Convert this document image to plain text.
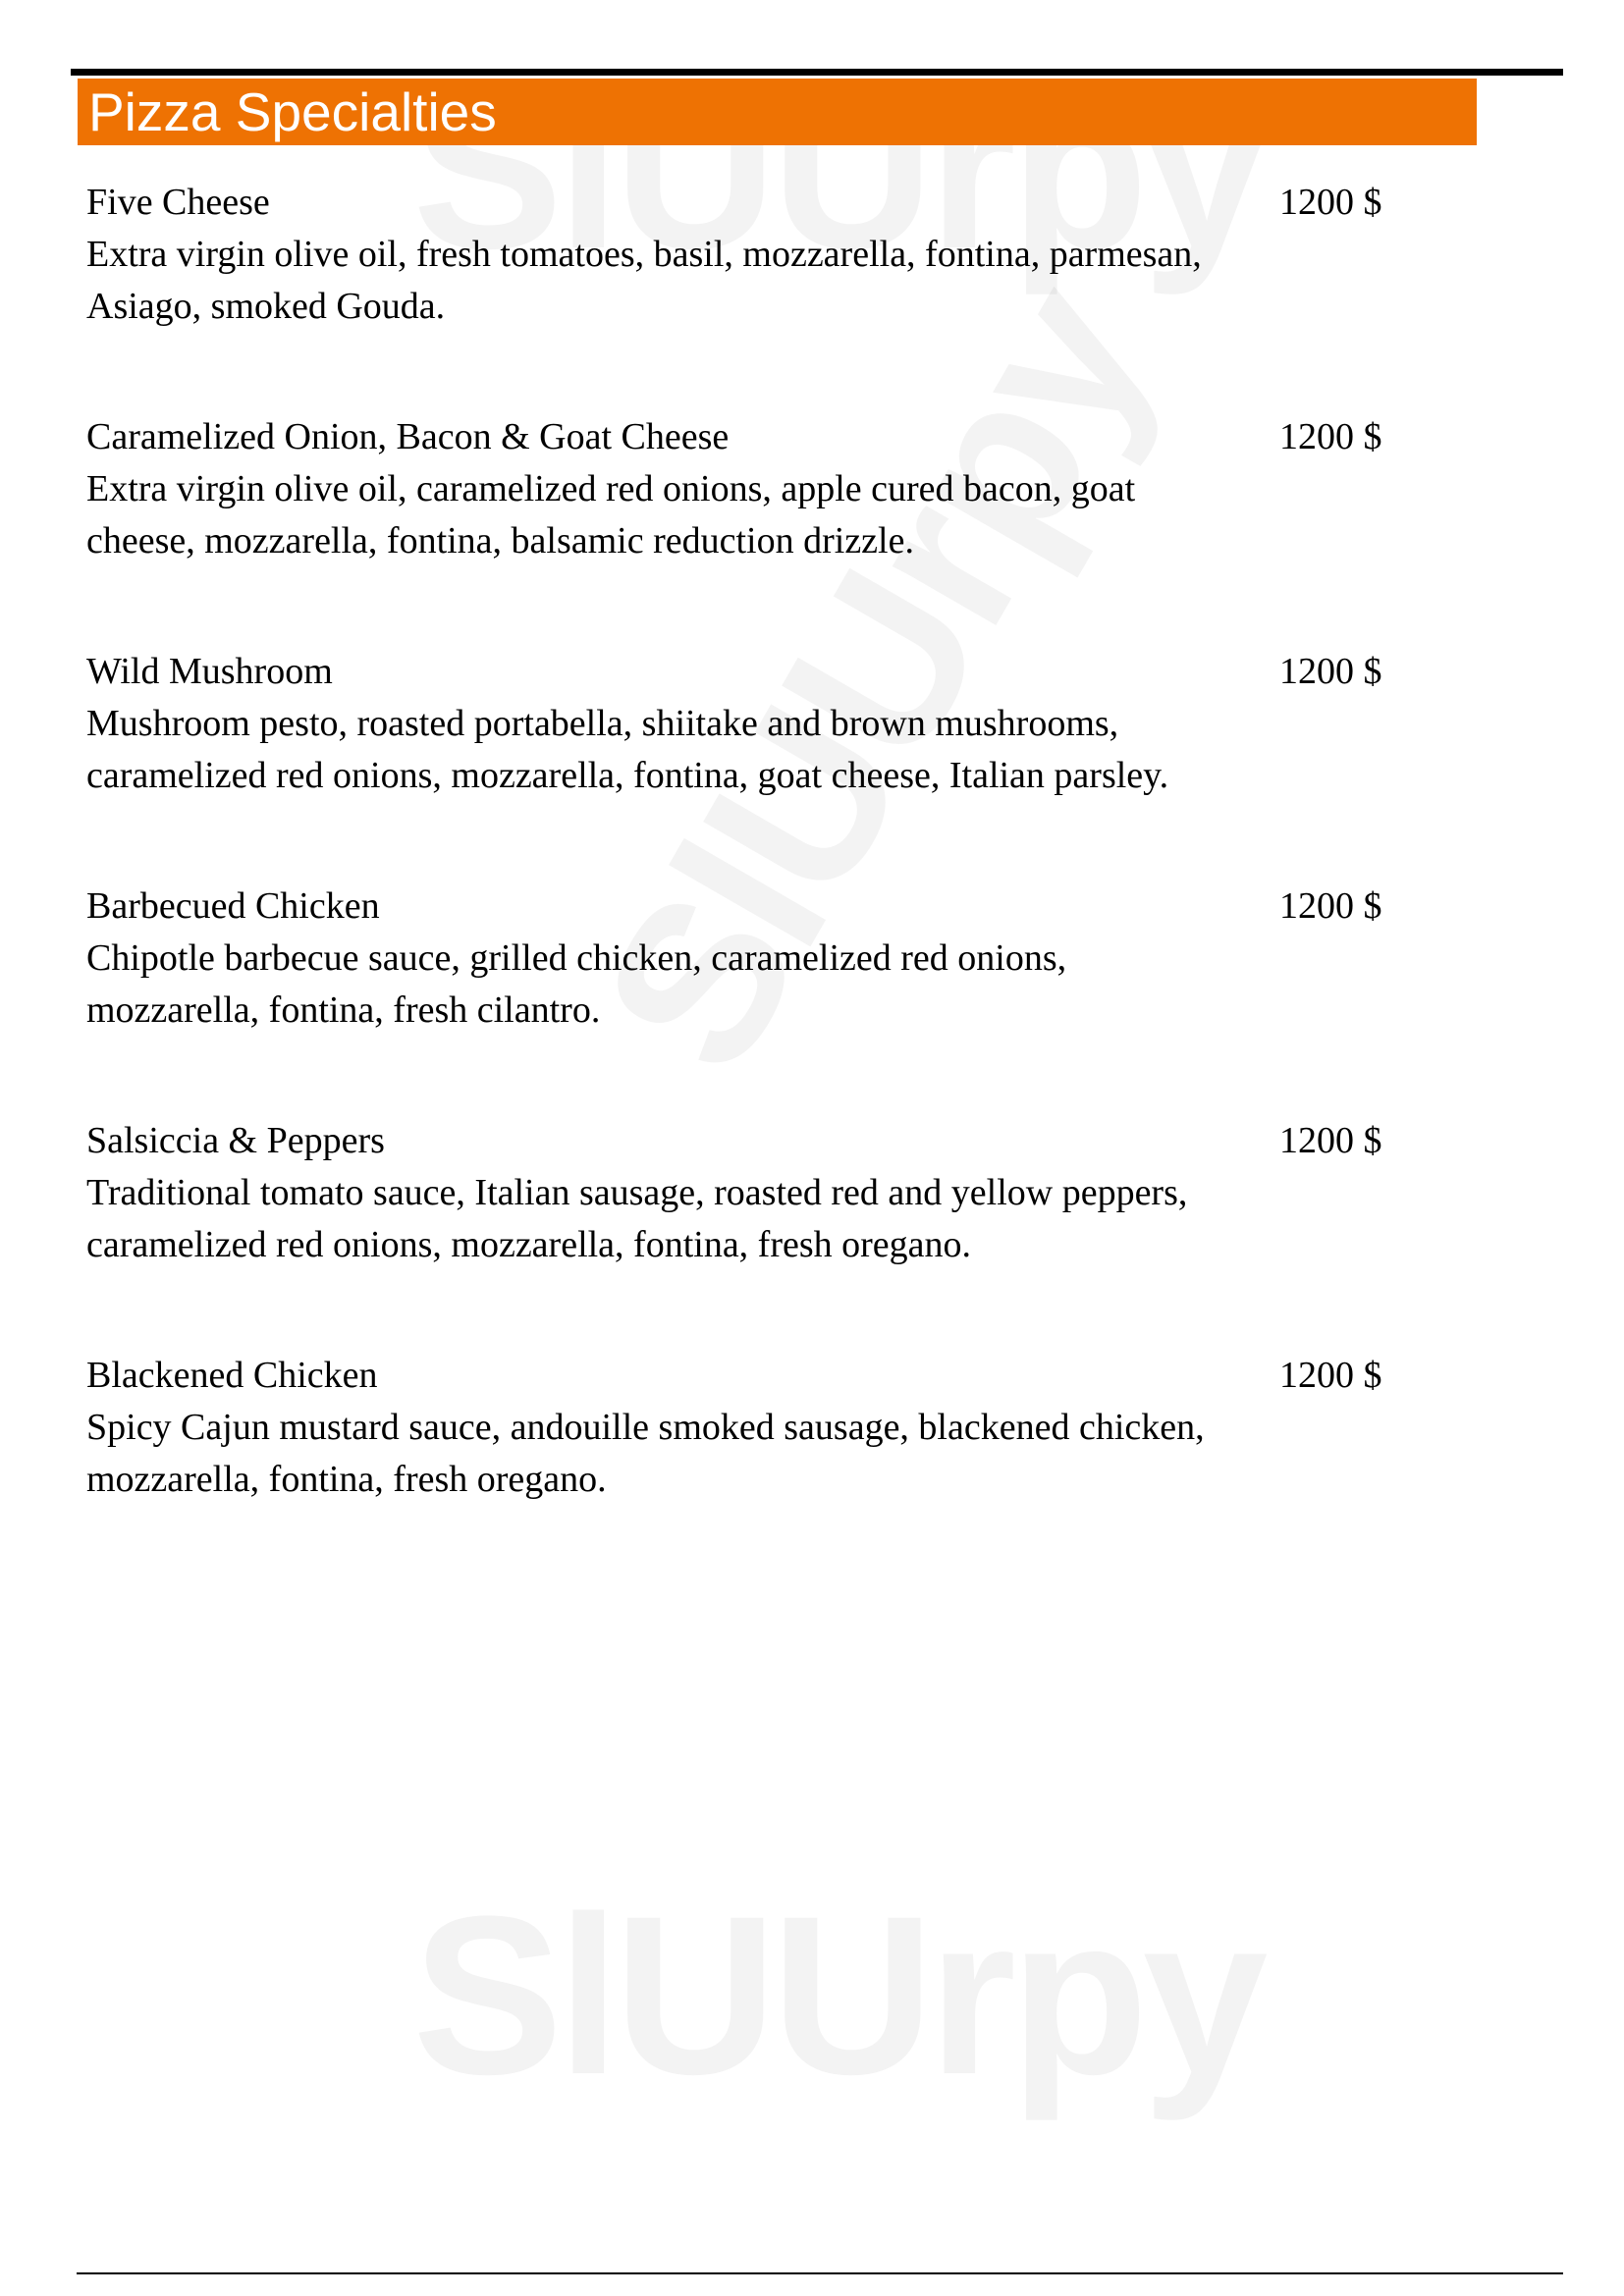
Pizza Specialties
Five Cheese	1200 $
Extra virgin olive oil, fresh tomatoes, basil, mozzarella, fontina, parmesan, Asiago, smoked Gouda.
Caramelized Onion, Bacon & Goat Cheese	1200 $
Extra virgin olive oil, caramelized red onions, apple cured bacon, goat cheese, mozzarella, fontina, balsamic reduction drizzle.
Wild Mushroom	1200 $
Mushroom pesto, roasted portabella, shiitake and brown mushrooms, caramelized red onions, mozzarella, fontina, goat cheese, Italian parsley.
Barbecued Chicken	1200 $
Chipotle barbecue sauce, grilled chicken, caramelized red onions, mozzarella, fontina, fresh cilantro.
Salsiccia & Peppers	1200 $
Traditional tomato sauce, Italian sausage, roasted red and yellow peppers, caramelized red onions, mozzarella, fontina, fresh oregano.
Blackened Chicken	1200 $
Spicy Cajun mustard sauce, andouille smoked sausage, blackened chicken, mozzarella, fontina, fresh oregano.
